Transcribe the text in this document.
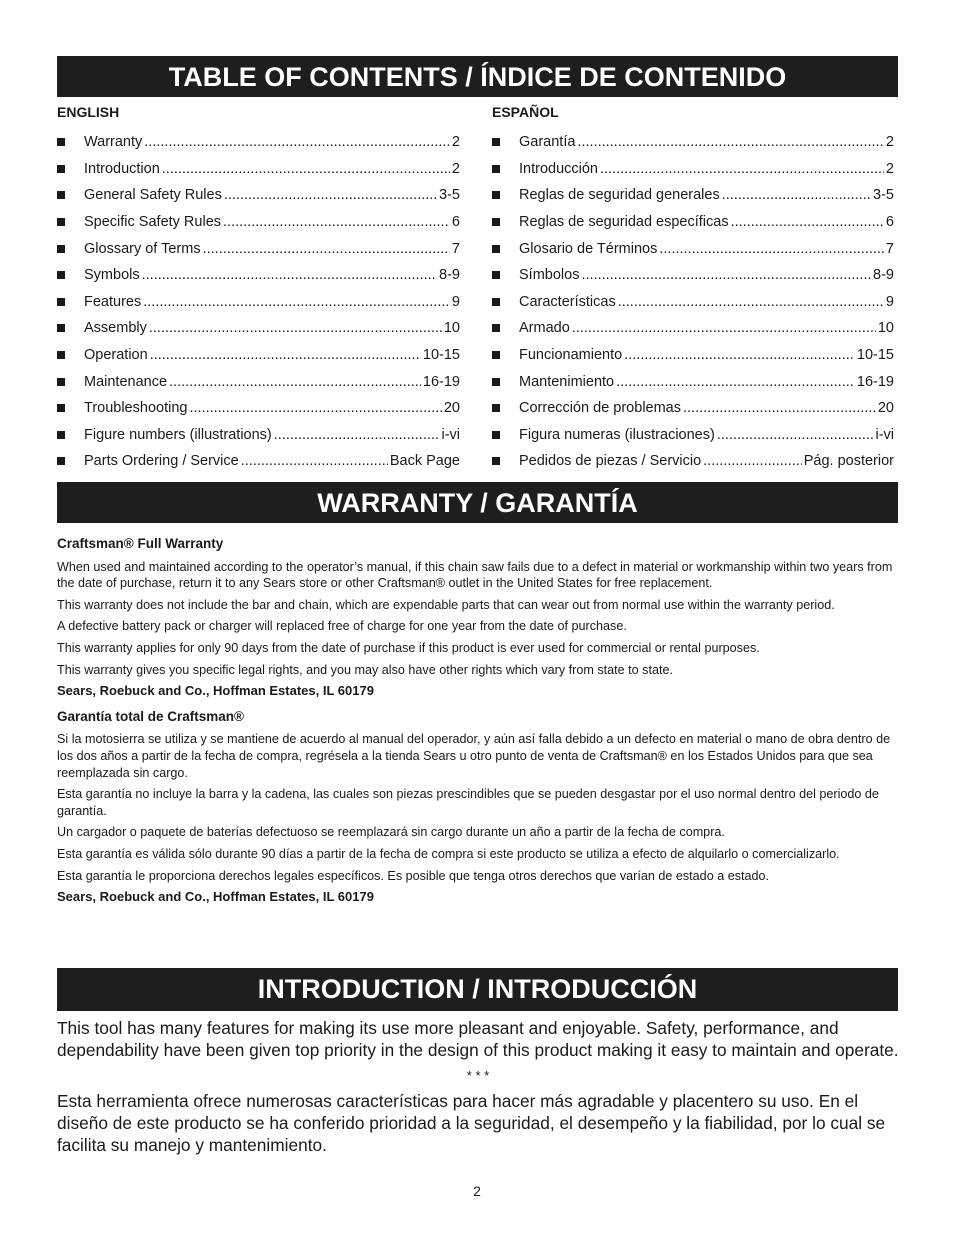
TABLE OF CONTENTS / ÍNDICE DE CONTENIDO
ENGLISH
Warranty .....	2
Introduction .....	2
General Safety Rules .....	3-5
Specific Safety Rules .....	6
Glossary of Terms .....	7
Symbols .....	8-9
Features .....	9
Assembly .....	10
Operation .....	10-15
Maintenance .....	16-19
Troubleshooting .....	20
Figure numbers (illustrations) .....	i-vi
Parts Ordering / Service .....	Back Page
ESPAÑOL
Garantía .....	2
Introducción .....	2
Reglas de seguridad generales .....	3-5
Reglas de seguridad específicas .....	6
Glosario de Términos .....	7
Símbolos .....	8-9
Características .....	9
Armado .....	10
Funcionamiento .....	10-15
Mantenimiento .....	16-19
Corrección de problemas .....	20
Figura numeras (ilustraciones) .....	i-vi
Pedidos de piezas / Servicio .....	Pág. posterior
WARRANTY / GARANTÍA

Craftsman® Full Warranty

When used and maintained according to the operator’s manual, if this chain saw fails due to a defect in material or workmanship within two years from the date of purchase, return it to any Sears store or other Craftsman® outlet in the United States for free replacement.

This warranty does not include the bar and chain, which are expendable parts that can wear out from normal use within the warranty period.

A defective battery pack or charger will replaced free of charge for one year from the date of purchase.

This warranty applies for only 90 days from the date of purchase if this product is ever used for commercial or rental purposes.

This warranty gives you specific legal rights, and you may also have other rights which vary from state to state.

Sears, Roebuck and Co., Hoffman Estates, IL 60179

Garantía total de Craftsman®

Si la motosierra se utiliza y se mantiene de acuerdo al manual del operador, y aún así falla debido a un defecto en material o mano de obra dentro de los dos años a partir de la fecha de compra, regrésela a la tienda Sears u otro punto de venta de Craftsman® en los Estados Unidos para que sea reemplazada sin cargo.

Esta garantía no incluye la barra y la cadena, las cuales son piezas prescindibles que se pueden desgastar por el uso normal dentro del periodo de garantía.

Un cargador o paquete de baterías defectuoso se reemplazará sin cargo durante un año a partir de la fecha de compra.

Esta garantía es válida sólo durante 90 días a partir de la fecha de compra si este producto se utiliza a efecto de alquilarlo o comercializarlo.

Esta garantía le proporciona derechos legales específicos. Es posible que tenga otros derechos que varían de estado a estado.

Sears, Roebuck and Co., Hoffman Estates, IL 60179

INTRODUCTION / INTRODUCCIÓN

This tool has many features for making its use more pleasant and enjoyable. Safety, performance, and dependability have been given top priority in the design of this product making it easy to maintain and operate.

* * *

Esta herramienta ofrece numerosas características para hacer más agradable y placentero su uso. En el diseño de este producto se ha conferido prioridad a la seguridad, el desempeño y la fiabilidad, por lo cual se facilita su manejo y mantenimiento.

2
